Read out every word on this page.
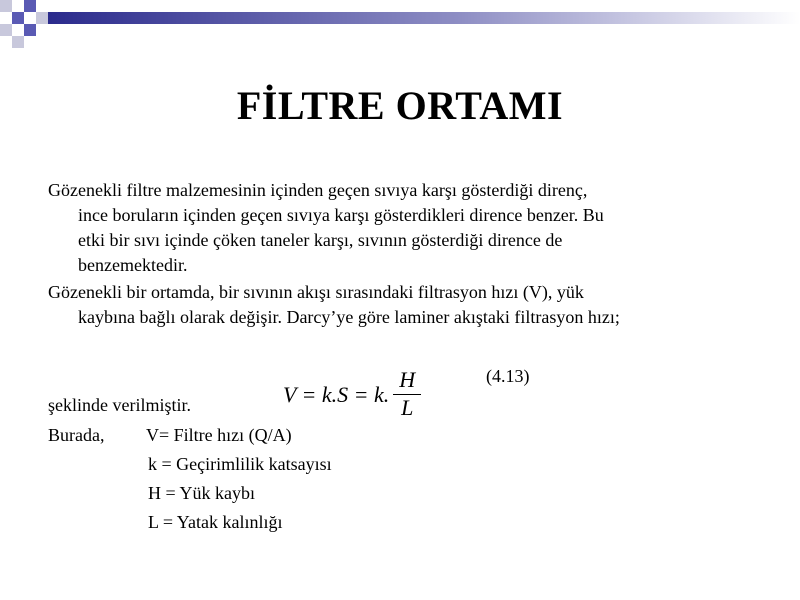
FİLTRE ORTAMI
Gözenekli filtre malzemesinin içinden geçen sıvıya karşı gösterdiği direnç,
ince boruların içinden geçen sıvıya karşı gösterdikleri dirence benzer. Bu
etki bir sıvı içinde çöken taneler karşı, sıvının gösterdiği dirence de
benzemektedir.
Gözenekli bir ortamda, bir sıvının akışı sırasındaki filtrasyon hızı (V), yük
kaybına bağlı olarak değişir. Darcy’ye göre laminer akıştaki filtrasyon hızı;
V = k.S = k. $\frac{H}{L}$	(4.13)
şeklinde verilmiştir.
Burada, V= Filtre hızı (Q/A)
k = Geçirimlilik katsayısı
H = Yük kaybı
L = Yatak kalınlığı
